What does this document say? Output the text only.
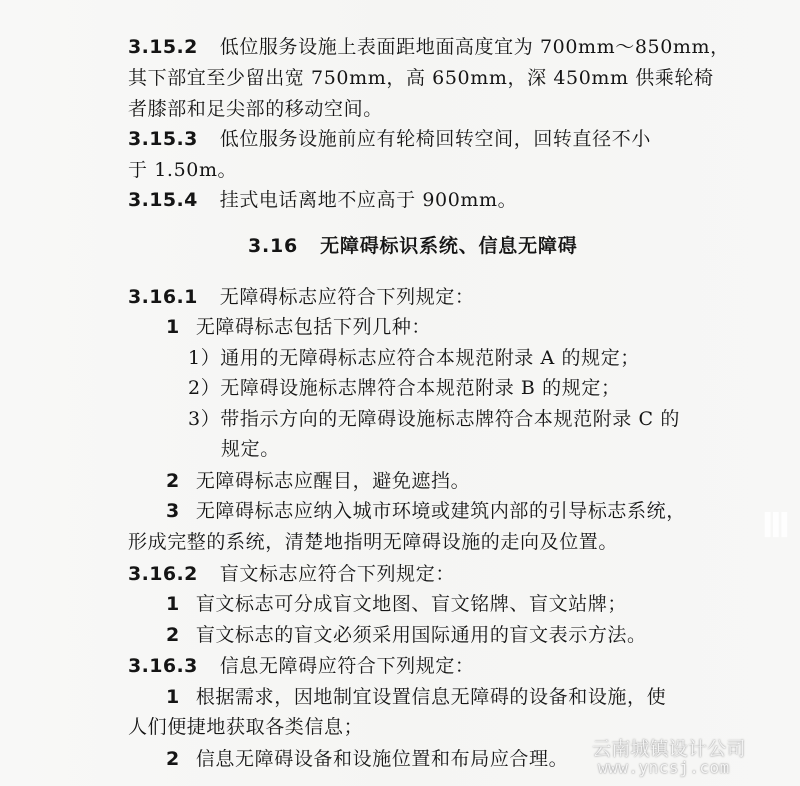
3.15.2 低位服务设施上表面距地面高度宜为 700mm～850mm，
其下部宜至少留出宽 750mm，高 650mm，深 450mm 供乘轮椅
者膝部和足尖部的移动空间。
3.15.3 低位服务设施前应有轮椅回转空间，回转直径不小
于 1.50m。
3.15.4 挂式电话离地不应高于 900mm。
3.16 无障碍标识系统、信息无障碍
3.16.1 无障碍标志应符合下列规定：
1 无障碍标志包括下列几种：
1）通用的无障碍标志应符合本规范附录 A 的规定；
2）无障碍设施标志牌符合本规范附录 B 的规定；
3）带指示方向的无障碍设施标志牌符合本规范附录 C 的
规定。
2 无障碍标志应醒目，避免遮挡。
3 无障碍标志应纳入城市环境或建筑内部的引导标志系统，
形成完整的系统，清楚地指明无障碍设施的走向及位置。
3.16.2 盲文标志应符合下列规定：
1 盲文标志可分成盲文地图、盲文铭牌、盲文站牌；
2 盲文标志的盲文必须采用国际通用的盲文表示方法。
3.16.3 信息无障碍应符合下列规定：
1 根据需求，因地制宜设置信息无障碍的设备和设施，使
人们便捷地获取各类信息；
2 信息无障碍设备和设施位置和布局应合理。
lll
云南城镇设计公司
www.yncsj.com
